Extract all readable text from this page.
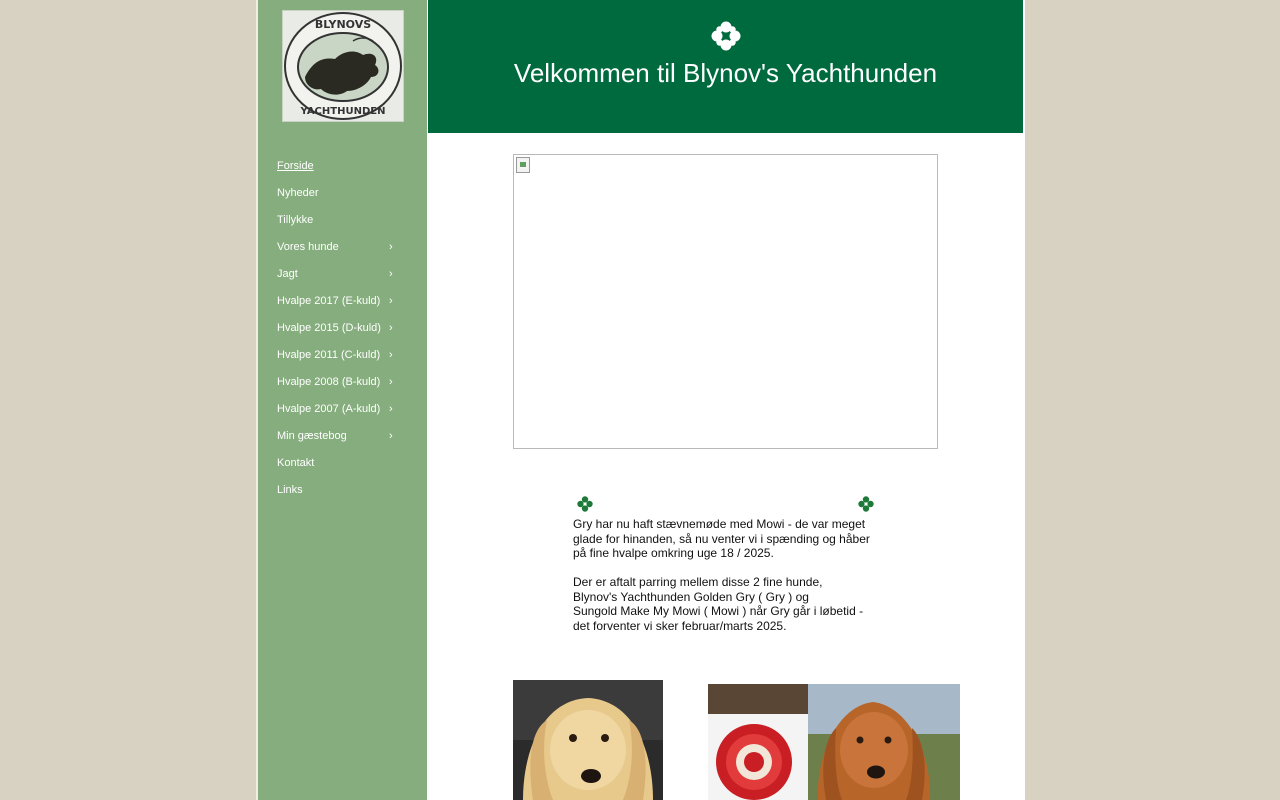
BLYNOVS
YACHTHUNDEN
Forside
Nyheder
Tillykke
Vores hunde	›
Jagt	›
Hvalpe 2017 (E-kuld) ›
Hvalpe 2015 (D-kuld) ›
Hvalpe 2011 (C-kuld) ›
Hvalpe 2008 (B-kuld) ›
Hvalpe 2007 (A-kuld) ›
Min gæstebog	›
Kontakt
Links
Velkommen til Blynov's Yachthunden

Gry har nu haft stævnemøde med Mowi - de var meget glade for hinanden, så nu venter vi i spænding og håber på fine hvalpe omkring uge 18 / 2025.

Der er aftalt parring mellem disse 2 fine hunde,
Blynov's Yachthunden Golden Gry ( Gry ) og
Sungold Make My Mowi ( Mowi ) når Gry går i løbetid -
det forventer vi sker februar/marts 2025.
